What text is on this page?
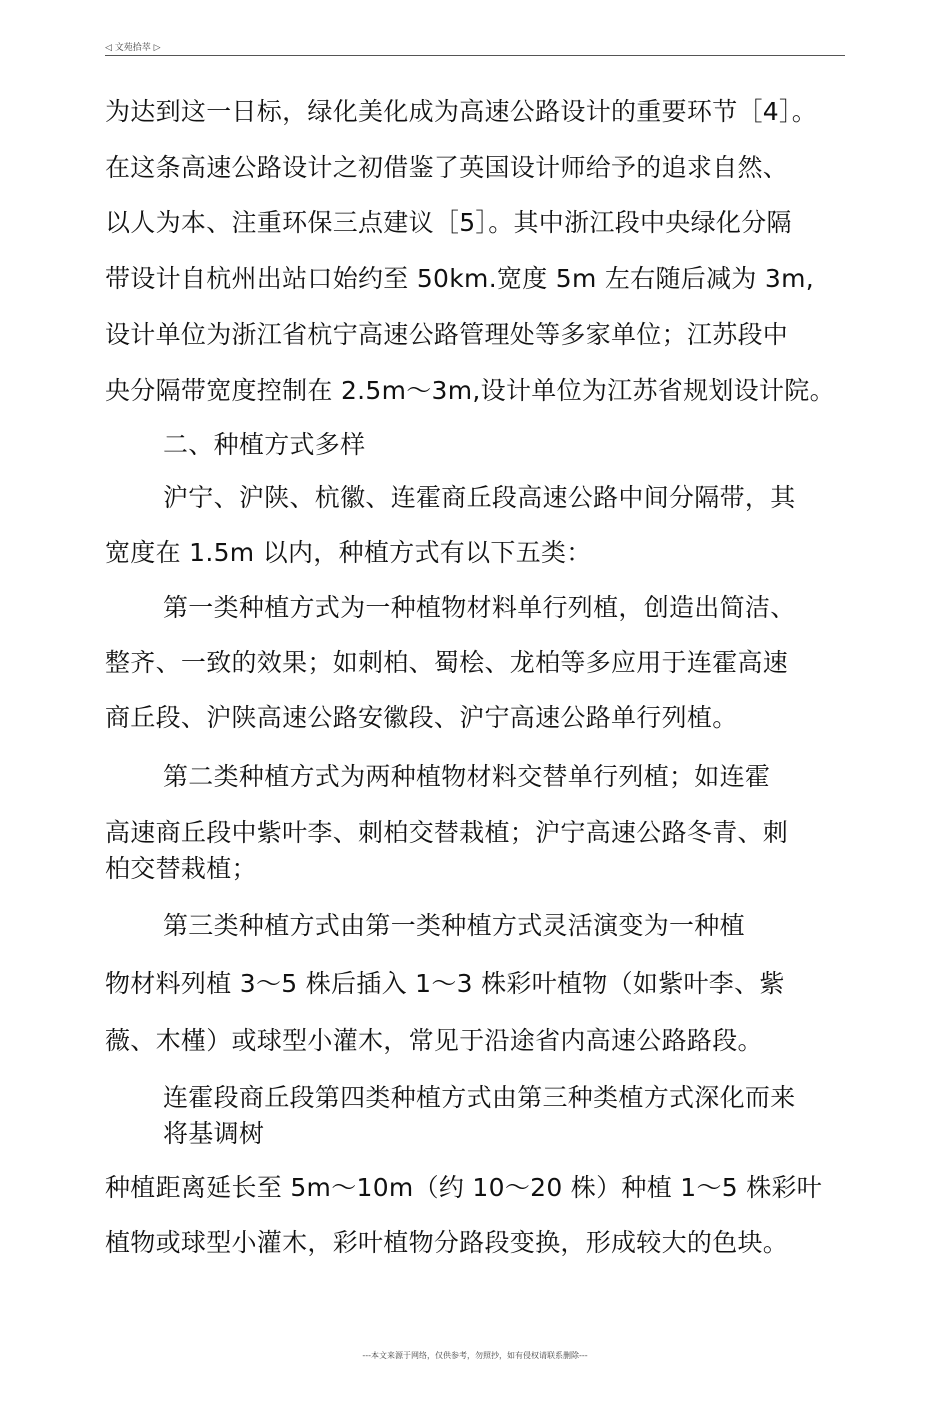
◁ 文苑拾萃 ▷
为达到这一日标，绿化美化成为高速公路设计的重要环节［4］。
在这条高速公路设计之初借鉴了英国设计师给予的追求自然、
以人为本、注重环保三点建议［5］。其中浙江段中央绿化分隔
带设计自杭州出站口始约至 50km.宽度 5m 左右随后减为 3m,
设计单位为浙江省杭宁高速公路管理处等多家单位；江苏段中
央分隔带宽度控制在 2.5m〜3m,设计单位为江苏省规划设计院。
二、种植方式多样
沪宁、沪陕、杭徽、连霍商丘段高速公路中间分隔带，其
宽度在 1.5m 以内，种植方式有以下五类：
第一类种植方式为一种植物材料单行列植，创造出简洁、
整齐、一致的效果；如刺柏、蜀桧、龙柏等多应用于连霍高速
商丘段、沪陕高速公路安徽段、沪宁高速公路单行列植。
第二类种植方式为两种植物材料交替单行列植；如连霍
高速商丘段中紫叶李、刺柏交替栽植；沪宁高速公路冬青、刺
柏交替栽植；
第三类种植方式由第一类种植方式灵活演变为一种植
物材料列植 3〜5 株后插入 1〜3 株彩叶植物（如紫叶李、紫
薇、木槿）或球型小灌木，常见于沿途省内高速公路路段。
连霍段商丘段第四类种植方式由第三种类植方式深化而来
将基调树
种植距离延长至 5m〜10m（约 10〜20 株）种植 1〜5 株彩叶
植物或球型小灌木，彩叶植物分路段变换，形成较大的色块。
---本文来源于网络，仅供参考，勿照抄，如有侵权请联系删除---
